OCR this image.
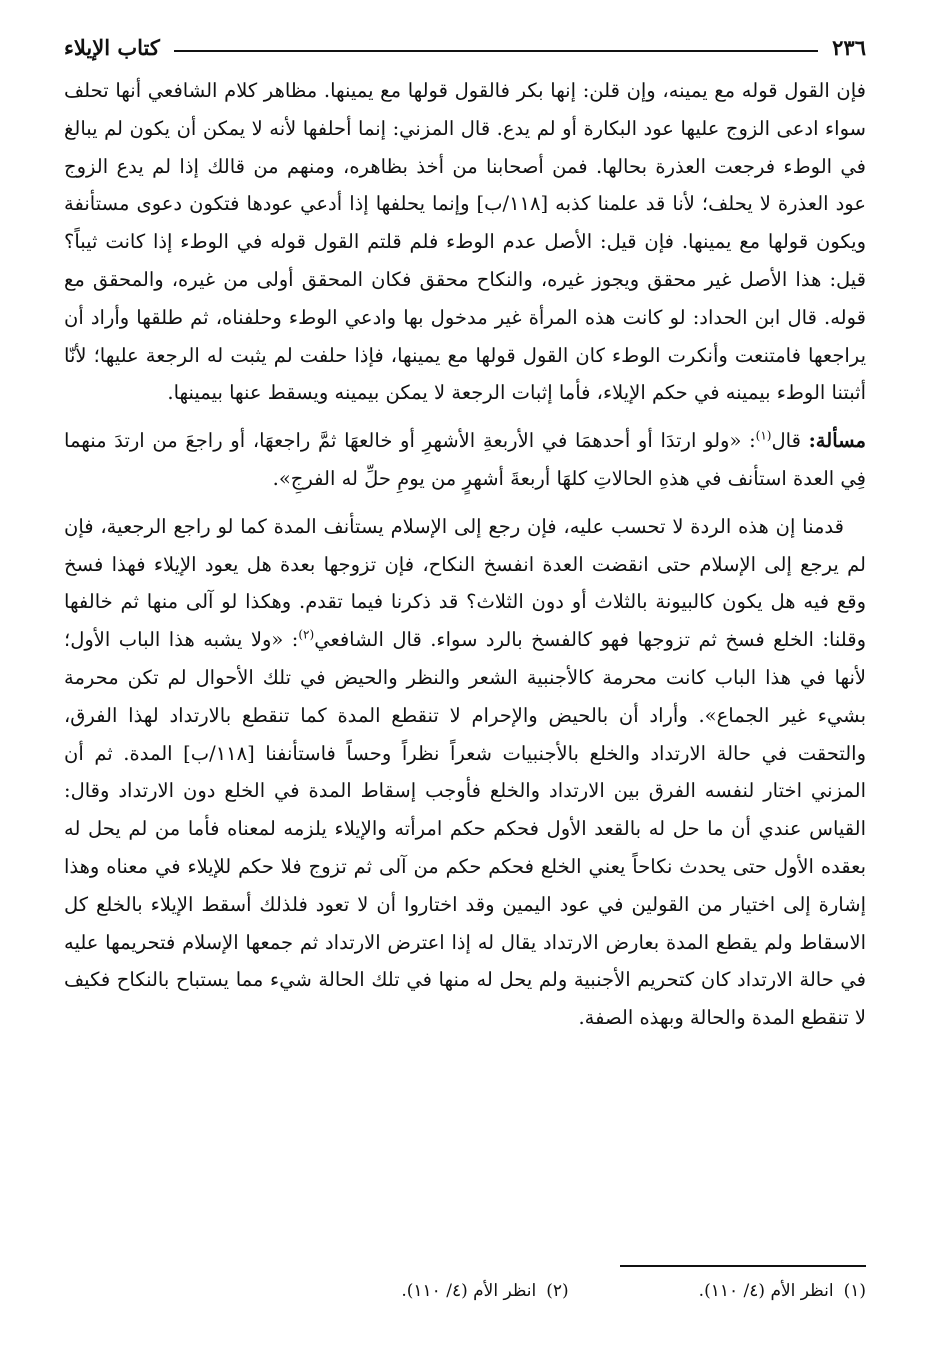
٢٣٦
كتاب الإيلاء

فإن القول قوله مع يمينه، وإن قلن: إنها بكر فالقول قولها مع يمينها. مظاهر كلام الشافعي أنها تحلف سواء ادعى الزوج عليها عود البكارة أو لم يدع. قال المزني: إنما أحلفها لأنه لا يمكن أن يكون لم يبالغ في الوطء فرجعت العذرة بحالها. فمن أصحابنا من أخذ بظاهره، ومنهم من قالك إذا لم يدع الزوج عود العذرة لا يحلف؛ لأنا قد علمنا كذبه [١١٨/ب] وإنما يحلفها إذا أدعي عودها فتكون دعوى مستأنفة ويكون قولها مع يمينها. فإن قيل: الأصل عدم الوطء فلم قلتم القول قوله في الوطء إذا كانت ثيباً؟ قيل: هذا الأصل غير محقق ويجوز غيره، والنكاح محقق فكان المحقق أولى من غيره، والمحقق مع قوله. قال ابن الحداد: لو كانت هذه المرأة غير مدخول بها وادعي الوطء وحلفناه، ثم طلقها وأراد أن يراجعها فامتنعت وأنكرت الوطء كان القول قولها مع يمينها، فإذا حلفت لم يثبت له الرجعة عليها؛ لأنّا أثبتنا الوطء بيمينه في حكم الإيلاء، فأما إثبات الرجعة لا يمكن بيمينه ويسقط عنها بيمينها.

مسألة: قال$^{(١)}$: «ولو ارتدَا أو أحدهمَا في الأربعةِ الأشهرِ أو خالعهَا ثمَّ راجعهَا، أو راجعَ من ارتدَ منهما فِي العدة استأنف في هذهِ الحالاتِ كلهَا أربعةَ أشهرٍ من يومِ حلِّ له الفرجِ».

قدمنا إن هذه الردة لا تحسب عليه، فإن رجع إلى الإسلام يستأنف المدة كما لو راجع الرجعية، فإن لم يرجع إلى الإسلام حتى انقضت العدة انفسخ النكاح، فإن تزوجها بعدة هل يعود الإيلاء فهذا فسخ وقع فيه هل يكون كالبيونة بالثلاث أو دون الثلاث؟ قد ذكرنا فيما تقدم. وهكذا لو آلى منها ثم خالفها وقلنا: الخلع فسخ ثم تزوجها فهو كالفسخ بالرد سواء. قال الشافعي$^{(٢)}$: «ولا يشبه هذا الباب الأول؛ لأنها في هذا الباب كانت محرمة كالأجنبية الشعر والنظر والحيض في تلك الأحوال لم تكن محرمة بشيء غير الجماع». وأراد أن بالحيض والإحرام لا تنقطع المدة كما تنقطع بالارتداد لهذا الفرق، والتحقت في حالة الارتداد والخلع بالأجنبيات شعراً نظراً وحساً فاستأنفنا [١١٨/ب] المدة. ثم أن المزني اختار لنفسه الفرق بين الارتداد والخلع فأوجب إسقاط المدة في الخلع دون الارتداد وقال: القياس عندي أن ما حل له بالقعد الأول فحكم حكم امرأته والإيلاء يلزمه لمعناه فأما من لم يحل له بعقده الأول حتى يحدث نكاحاً يعني الخلع فحكم حكم من آلى ثم تزوج فلا حكم للإيلاء في معناه وهذا إشارة إلى اختيار من القولين في عود اليمين وقد اختاروا أن لا تعود فلذلك أسقط الإيلاء بالخلع كل الاسقاط ولم يقطع المدة بعارض الارتداد يقال له إذا اعترض الارتداد ثم جمعها الإسلام فتحريمها عليه في حالة الارتداد كان كتحريم الأجنبية ولم يحل له منها في تلك الحالة شيء مما يستباح بالنكاح فكيف لا تنقطع المدة والحالة وبهذه الصفة.

(١)انظر الأم (٤/ ١١٠).
(٢)انظر الأم (٤/ ١١٠).
